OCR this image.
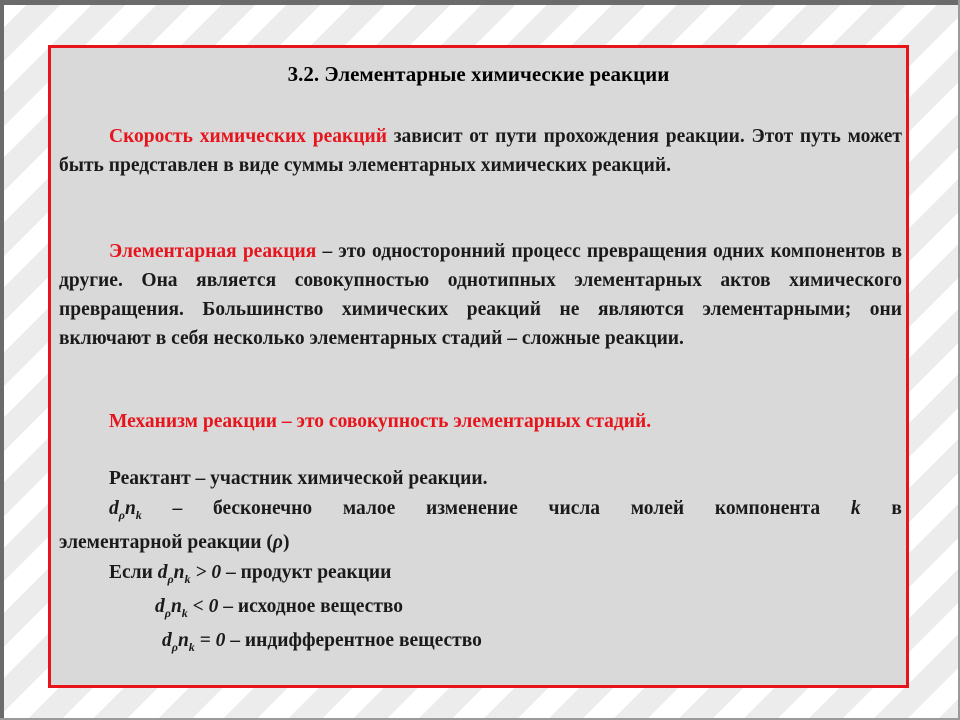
3.2. Элементарные химические реакции

Скорость химических реакций зависит от пути прохождения реакции. Этот путь может быть представлен в виде суммы элементарных химических реакций.

Элементарная реакция – это односторонний процесс превращения одних компонентов в другие. Она является совокупностью однотипных элементарных актов химического превращения. Большинство химических реакций не являются элементарными; они включают в себя несколько элементарных стадий – сложные реакции.

Механизм реакции – это совокупность элементарных стадий.
Реактант – участник химической реакции.
$d_\rho n_k$ – бесконечно малое изменение числа молей компонента k в
элементарной реакции (ρ)
Если $d_\rho n_k > 0$ – продукт реакции
$d_\rho n_k < 0$ – исходное вещество
$d_\rho n_k = 0$ – индифферентное вещество
